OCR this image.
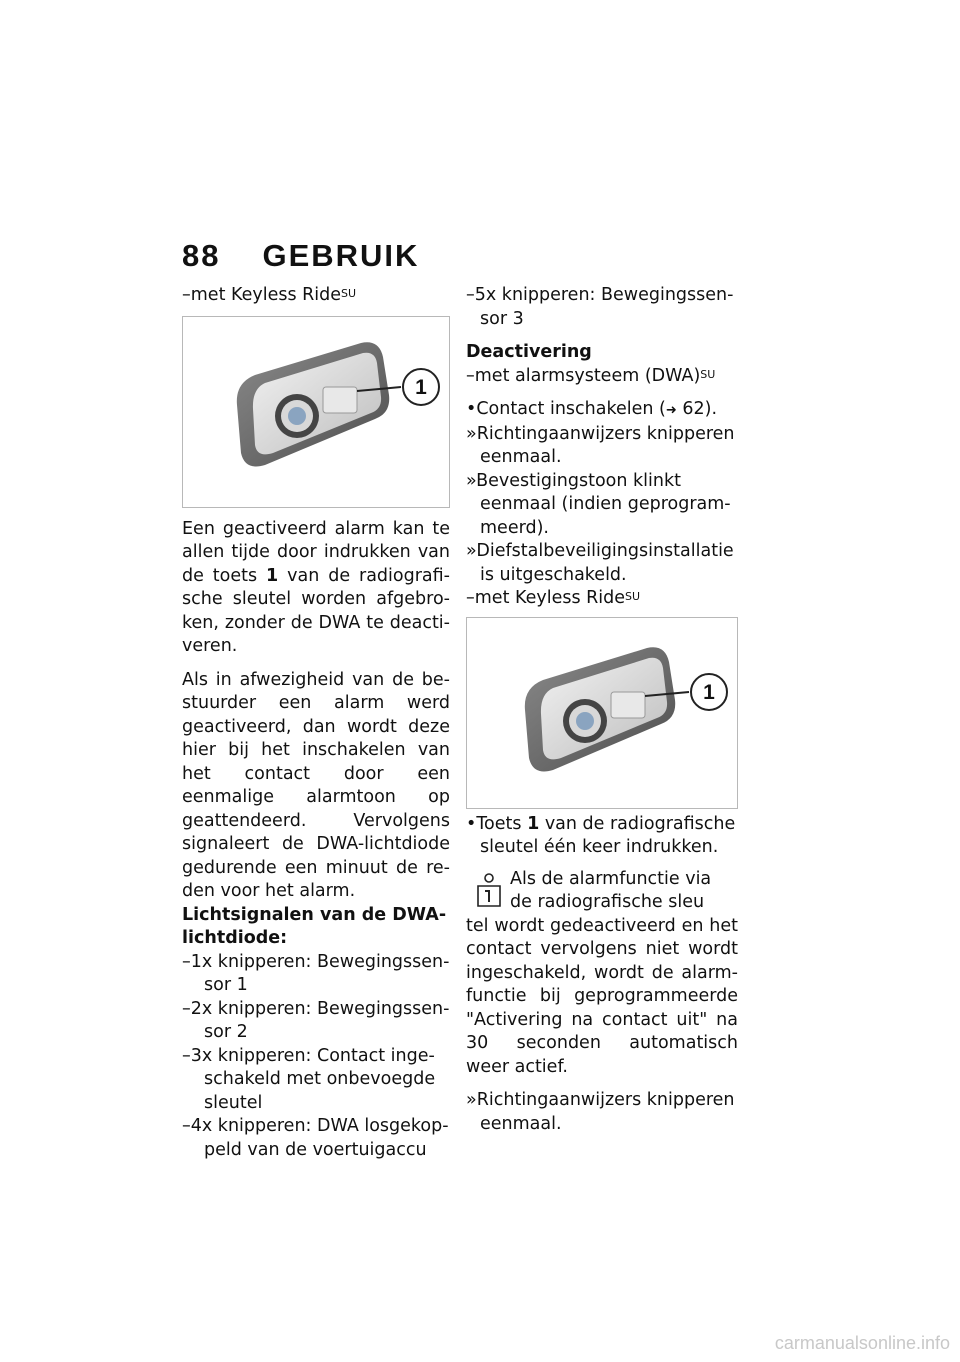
88 GEBRUIK

–met Keyless Ride$^{SU}$

1

Een geactiveerd alarm kan te allen tijde door indrukken van de toets 1 van de radiografische sleutel worden afgebroken, zonder de DWA te deactiveren.

Als in afwezigheid van de bestuurder een alarm werd geactiveerd, dan wordt deze hier bij het inschakelen van het contact door een eenmalige alarmtoon op geattendeerd. Vervolgens signaleert de DWA-lichtdiode gedurende een minuut de reden voor het alarm.

Lichtsignalen van de DWA-lichtdiode:

–1x knipperen: Bewegingssensor 1

–2x knipperen: Bewegingssensor 2

–3x knipperen: Contact ingeschakeld met onbevoegde sleutel

–4x knipperen: DWA losgekoppeld van de voertuigaccu

–5x knipperen: Bewegingssensor 3

Deactivering

–met alarmsysteem (DWA)$^{SU}$

•Contact inschakelen (➜ 62).

»Richtingaanwijzers knipperen eenmaal.

»Bevestigingstoon klinkt eenmaal (indien geprogrammeerd).

»Diefstalbeveiligingsinstallatie is uitgeschakeld.

–met Keyless Ride$^{SU}$

1

•Toets 1 van de radiografische sleutel één keer indrukken.

Als de alarmfunctie via de radiografische sleu

tel wordt gedeactiveerd en het contact vervolgens niet wordt ingeschakeld, wordt de alarmfunctie bij geprogrammeerde "Activering na contact uit" na 30 seconden automatisch weer actief.

»Richtingaanwijzers knipperen eenmaal.

carmanualsonline.info
